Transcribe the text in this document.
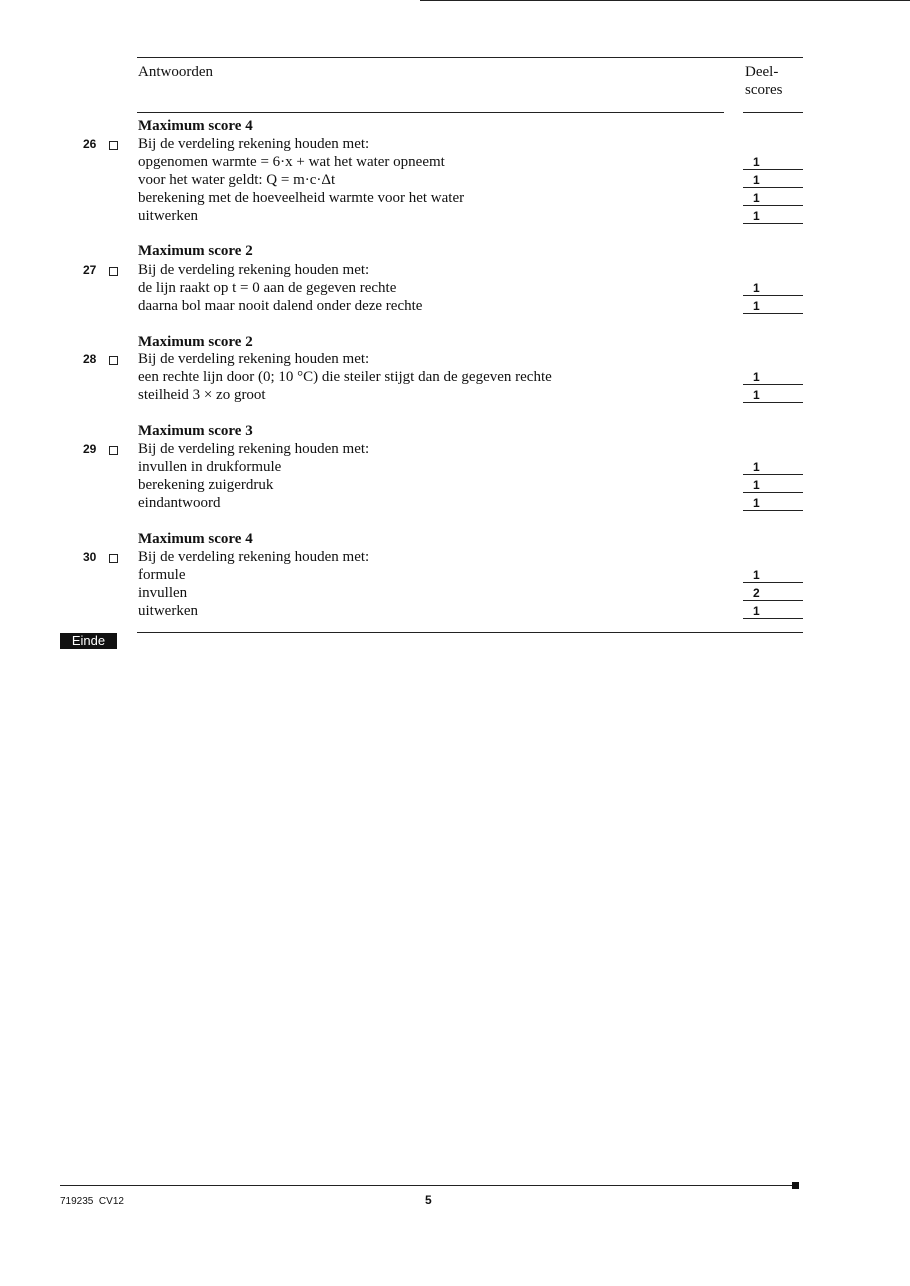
Antwoorden	Deel-
scores
Maximum score 4
26	Bij de verdeling rekening houden met:
opgenomen warmte = 6·x + wat het water opneemt	1
voor het water geldt: Q = m·c·Δt	1
berekening met de hoeveelheid warmte voor het water	1
uitwerken	1
Maximum score 2
27	Bij de verdeling rekening houden met:
de lijn raakt op t = 0 aan de gegeven rechte	1
daarna bol maar nooit dalend onder deze rechte	1
Maximum score 2
28	Bij de verdeling rekening houden met:
een rechte lijn door (0; 10 °C) die steiler stijgt dan de gegeven rechte	1
steilheid 3 × zo groot	1
Maximum score 3
29	Bij de verdeling rekening houden met:
invullen in drukformule	1
berekening zuigerdruk	1
eindantwoord	1
Maximum score 4
30	Bij de verdeling rekening houden met:
formule	1
invullen	2
uitwerken	1
Einde
719235  CV12	5
